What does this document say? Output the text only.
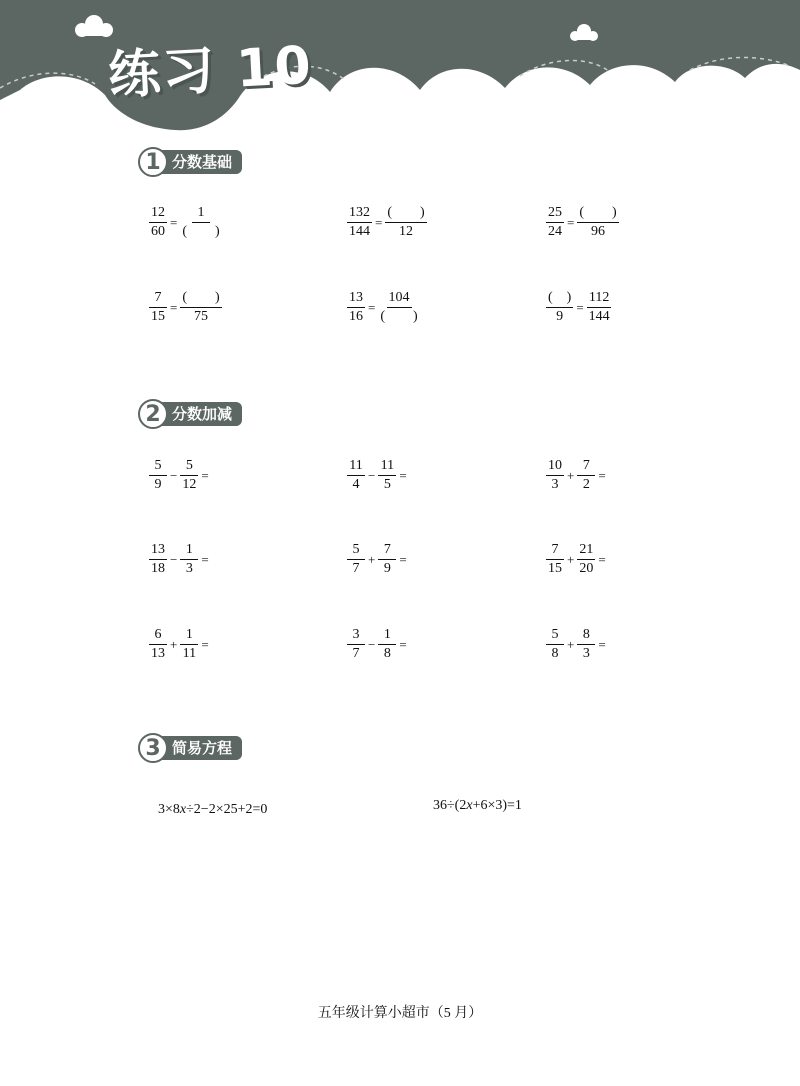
练习 10
1 分数基础
$\frac{12}{60} = \frac{1}{( )}$	$\frac{132}{144} = \frac{( )}{12}$	$\frac{25}{24} = \frac{( )}{96}$
$\frac{7}{15} = \frac{( )}{75}$	$\frac{13}{16} = \frac{104}{( )}$	$\frac{( )}{9} = \frac{112}{144}$
2 分数加减
$\frac{5}{9} - \frac{5}{12}$ =	$\frac{11}{4} - \frac{11}{5}$ =	$\frac{10}{3} + \frac{7}{2}$ =
$\frac{13}{18} - \frac{1}{3}$ =	$\frac{5}{7} + \frac{7}{9}$ =	$\frac{7}{15} + \frac{21}{20}$ =
$\frac{6}{13} + \frac{1}{11}$ =	$\frac{3}{7} - \frac{1}{8}$ =	$\frac{5}{8} + \frac{8}{3}$ =
3 简易方程
3×8x÷2−2×25+2=0	36÷(2x+6×3)=1
五年级计算小超市（5 月）
